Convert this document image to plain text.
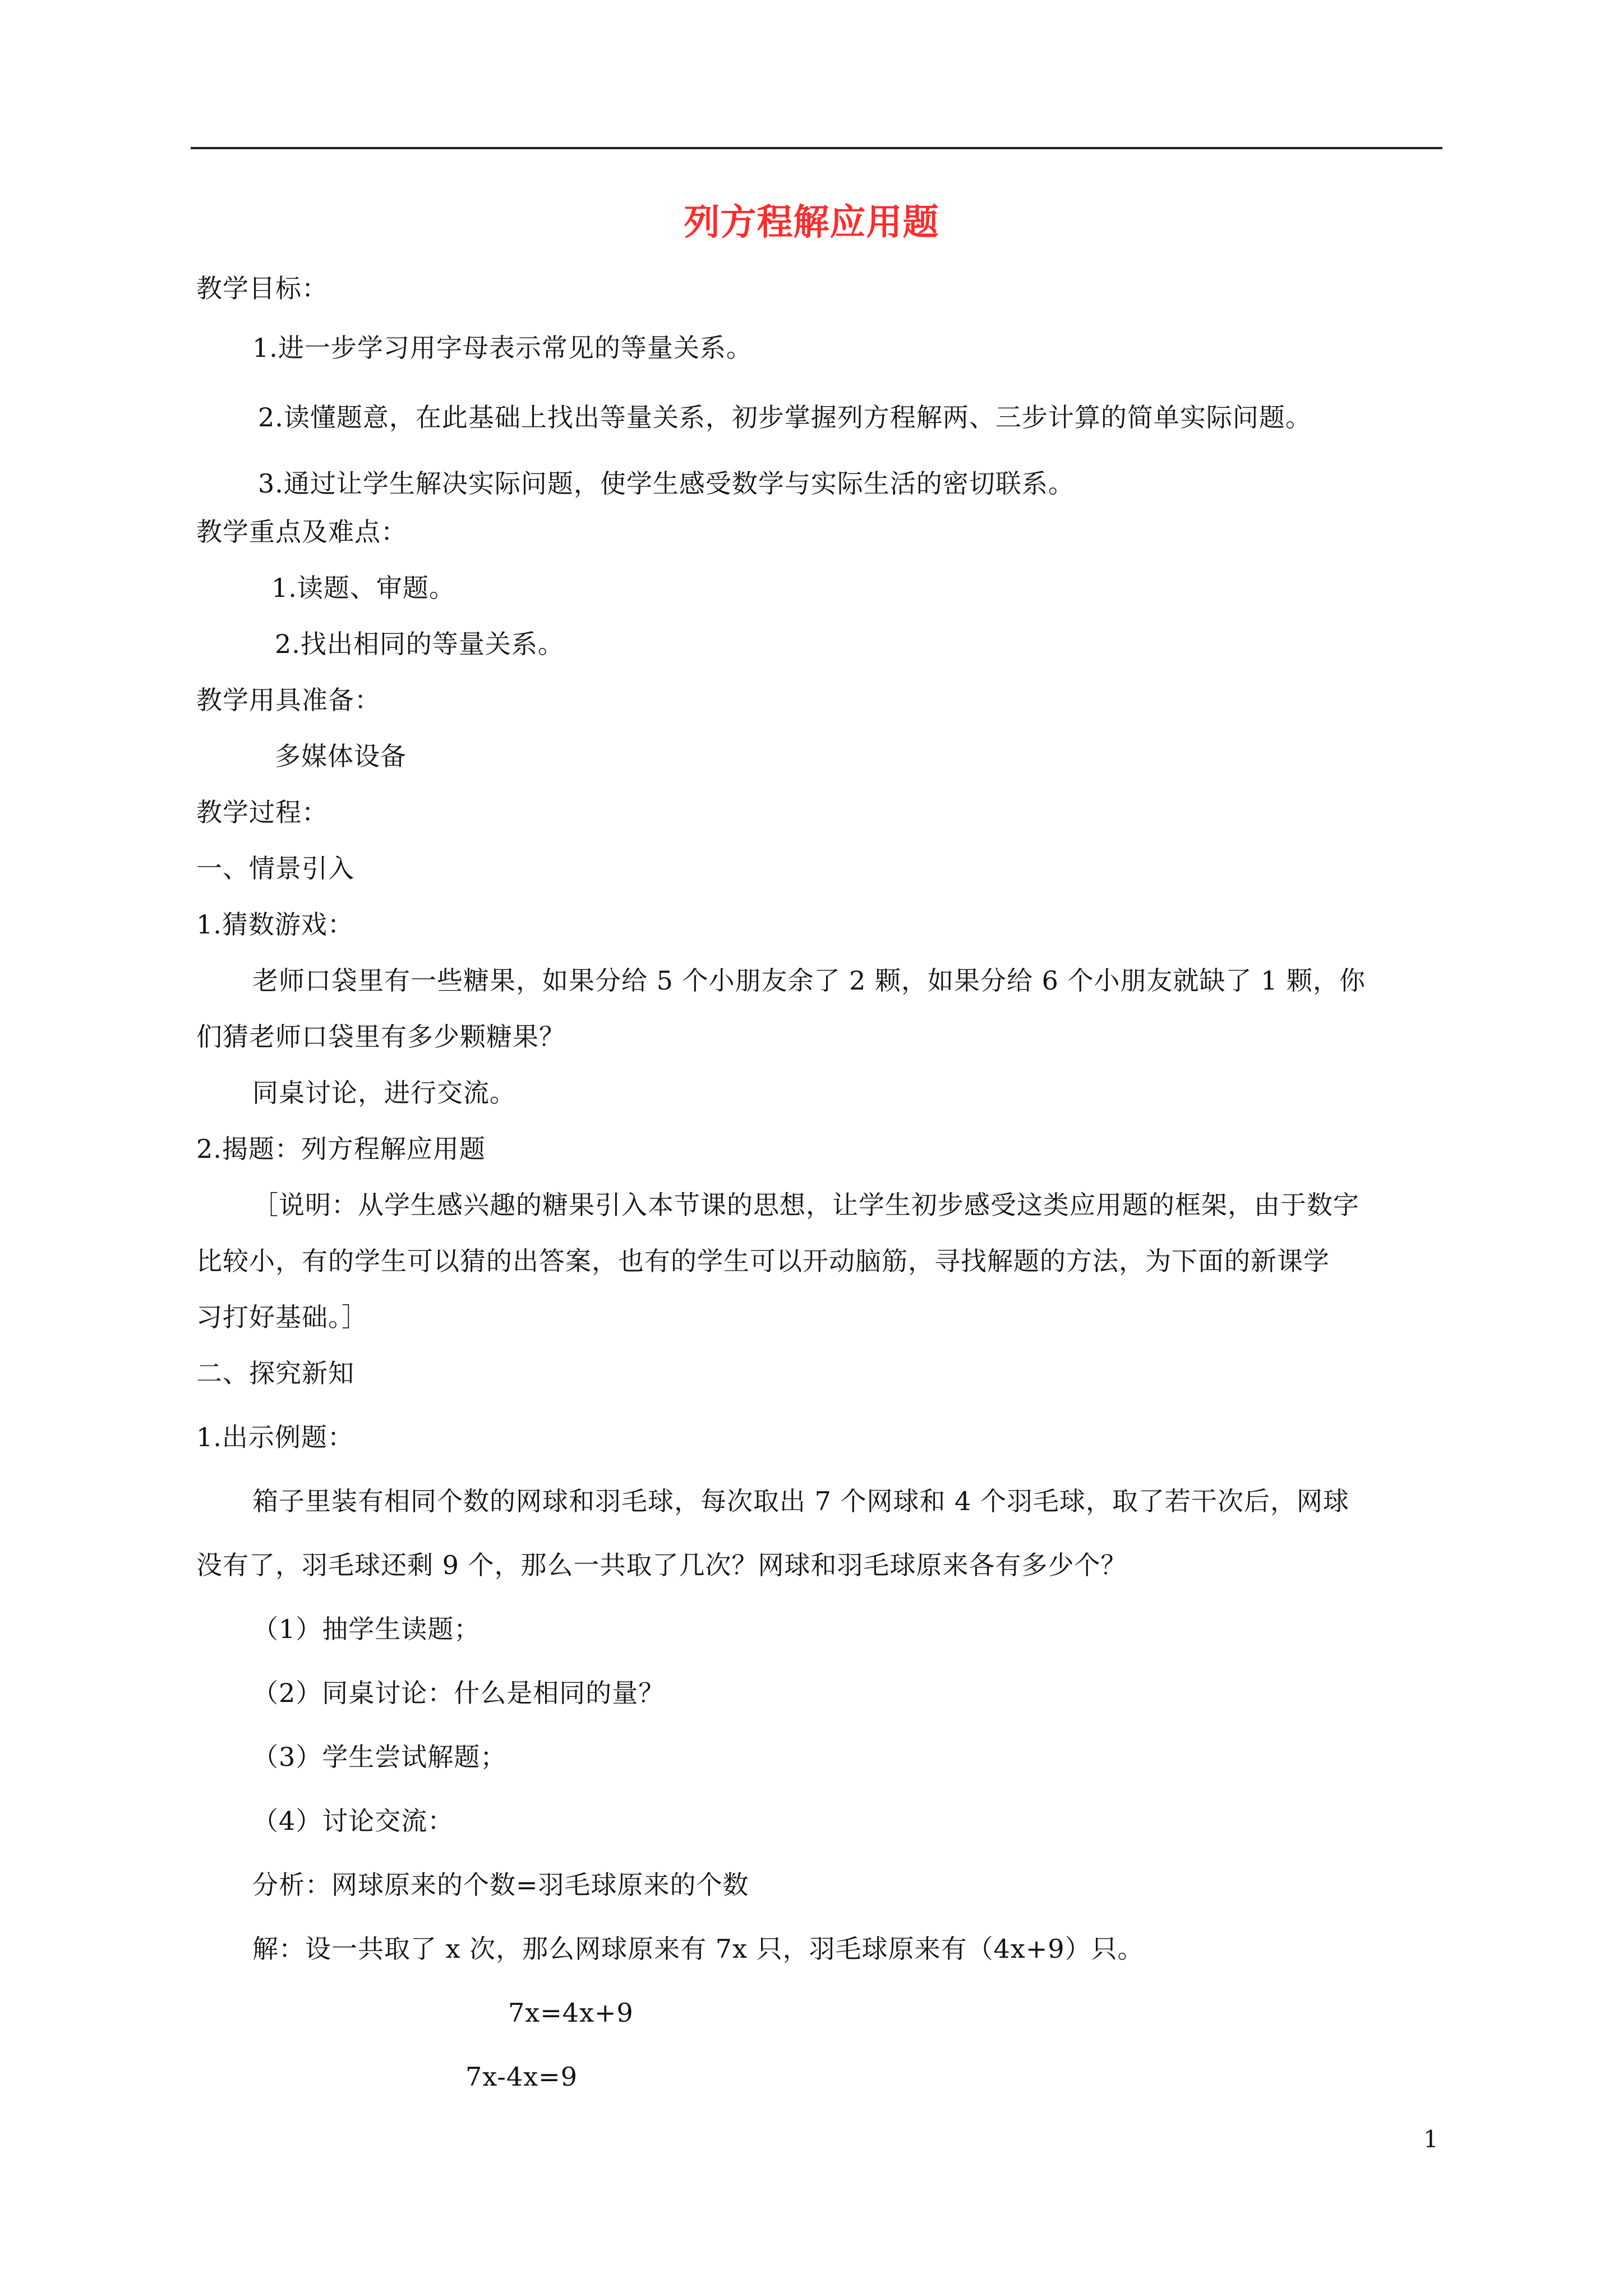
列方程解应用题
教学目标：
1.进一步学习用字母表示常见的等量关系。
2.读懂题意，在此基础上找出等量关系，初步掌握列方程解两、三步计算的简单实际问题。
3.通过让学生解决实际问题，使学生感受数学与实际生活的密切联系。
教学重点及难点：
1.读题、审题。
2.找出相同的等量关系。
教学用具准备：
多媒体设备
教学过程：
一、情景引入
1.猜数游戏：
老师口袋里有一些糖果，如果分给 5 个小朋友余了 2 颗，如果分给 6 个小朋友就缺了 1 颗，你
们猜老师口袋里有多少颗糖果？
同桌讨论，进行交流。
2.揭题：列方程解应用题
［说明：从学生感兴趣的糖果引入本节课的思想，让学生初步感受这类应用题的框架，由于数字
比较小，有的学生可以猜的出答案，也有的学生可以开动脑筋，寻找解题的方法，为下面的新课学
习打好基础。］
二、探究新知
1.出示例题：
箱子里装有相同个数的网球和羽毛球，每次取出 7 个网球和 4 个羽毛球，取了若干次后，网球
没有了，羽毛球还剩 9 个，那么一共取了几次？网球和羽毛球原来各有多少个？
（1）抽学生读题；
（2）同桌讨论：什么是相同的量？
（3）学生尝试解题；
（4）讨论交流：
分析：网球原来的个数=羽毛球原来的个数
解：设一共取了 x 次，那么网球原来有 7x 只，羽毛球原来有（4x+9）只。
7x=4x+9
7x-4x=9
1
